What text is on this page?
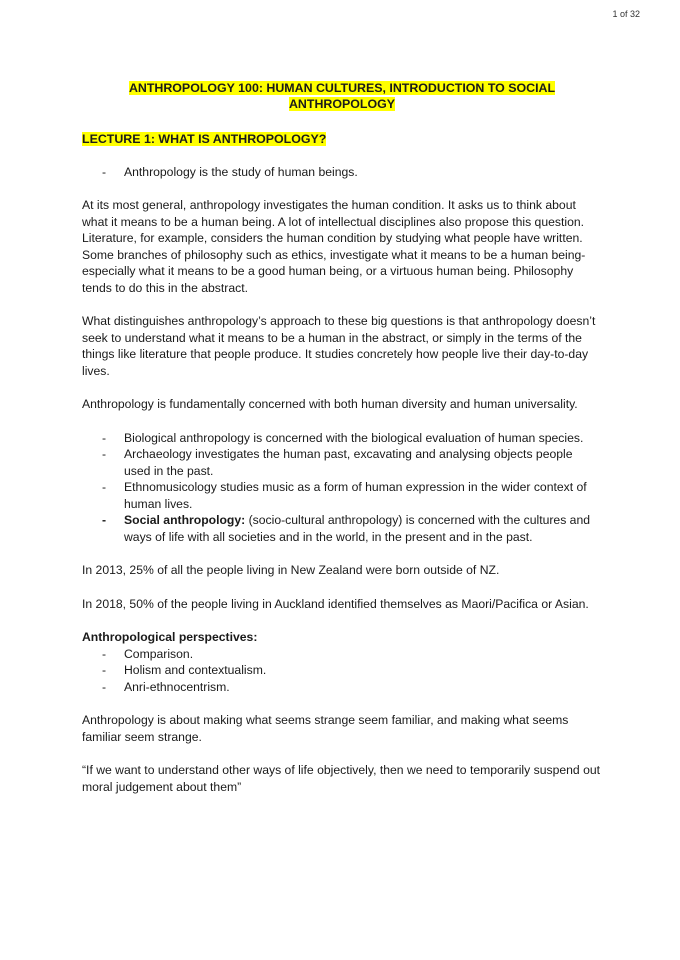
1 of 32
ANTHROPOLOGY 100: HUMAN CULTURES, INTRODUCTION TO SOCIAL
ANTHROPOLOGY
LECTURE 1: WHAT IS ANTHROPOLOGY?
- Anthropology is the study of human beings.

At its most general, anthropology investigates the human condition. It asks us to think about what it means to be a human being. A lot of intellectual disciplines also propose this question. Literature, for example, considers the human condition by studying what people have written. Some branches of philosophy such as ethics, investigate what it means to be a human being- especially what it means to be a good human being, or a virtuous human being. Philosophy tends to do this in the abstract.

What distinguishes anthropology’s approach to these big questions is that anthropology doesn’t seek to understand what it means to be a human in the abstract, or simply in the terms of the things like literature that people produce. It studies concretely how people live their day-to-day lives.

Anthropology is fundamentally concerned with both human diversity and human universality.

- Biological anthropology is concerned with the biological evaluation of human species.
- Archaeology investigates the human past, excavating and analysing objects people used in the past.
- Ethnomusicology studies music as a form of human expression in the wider context of human lives.
- Social anthropology: (socio-cultural anthropology) is concerned with the cultures and ways of life with all societies and in the world, in the present and in the past.

In 2013, 25% of all the people living in New Zealand were born outside of NZ.

In 2018, 50% of the people living in Auckland identified themselves as Maori/Pacifica or Asian.

Anthropological perspectives:
- Comparison.
- Holism and contextualism.
- Anri-ethnocentrism.

Anthropology is about making what seems strange seem familiar, and making what seems familiar seem strange.

“If we want to understand other ways of life objectively, then we need to temporarily suspend out moral judgement about them”
